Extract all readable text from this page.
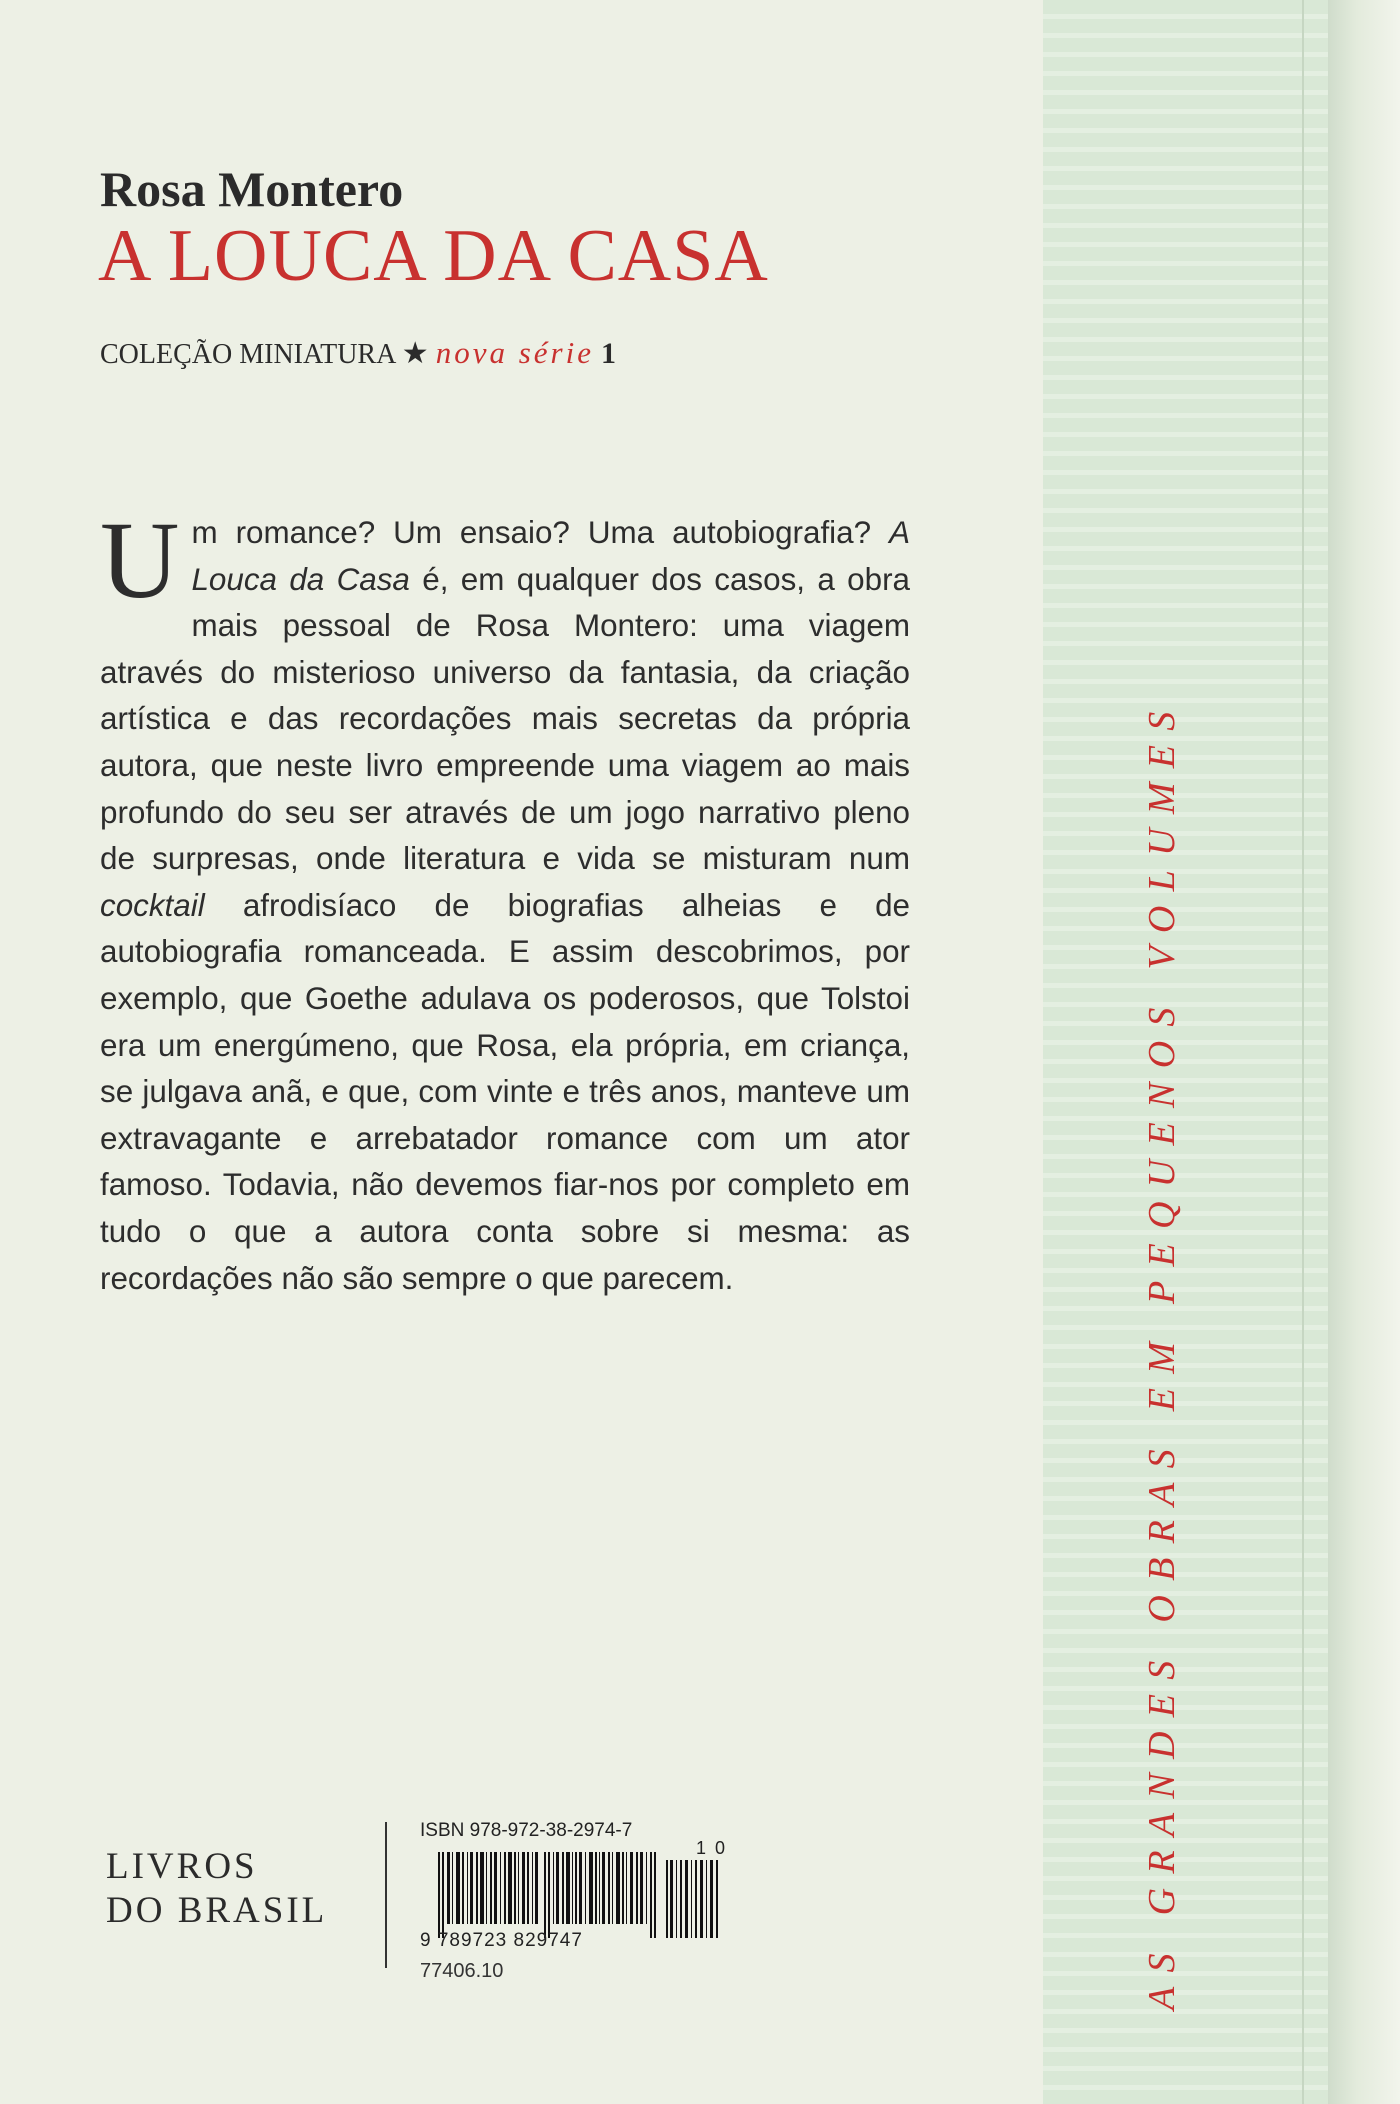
AS GRANDES OBRAS EM PEQUENOS VOLUMES
Rosa Montero
A LOUCA DA CASA
COLEÇÃO MINIATURA ★ nova série 1
Um romance? Um ensaio? Uma autobiografia? A Louca da Casa é, em qualquer dos casos, a obra mais pessoal de Rosa Montero: uma viagem através do misterioso universo da fantasia, da criação artística e das recordações mais secretas da própria autora, que neste livro empreende uma viagem ao mais profundo do seu ser através de um jogo narrativo pleno de surpresas, onde literatura e vida se misturam num cocktail afrodisíaco de biografias alheias e de autobiografia romanceada. E assim descobrimos, por exemplo, que Goethe adulava os poderosos, que Tolstoi era um energúmeno, que Rosa, ela própria, em criança, se julgava anã, e que, com vinte e três anos, manteve um extravagante e arrebatador romance com um ator famoso. Todavia, não devemos fiar-nos por completo em tudo o que a autora conta sobre si mesma: as recordações não são sempre o que parecem.
LIVROS
DO BRASIL
ISBN 978-972-38-2974-7
1 0
9 789723 829747
77406.10
